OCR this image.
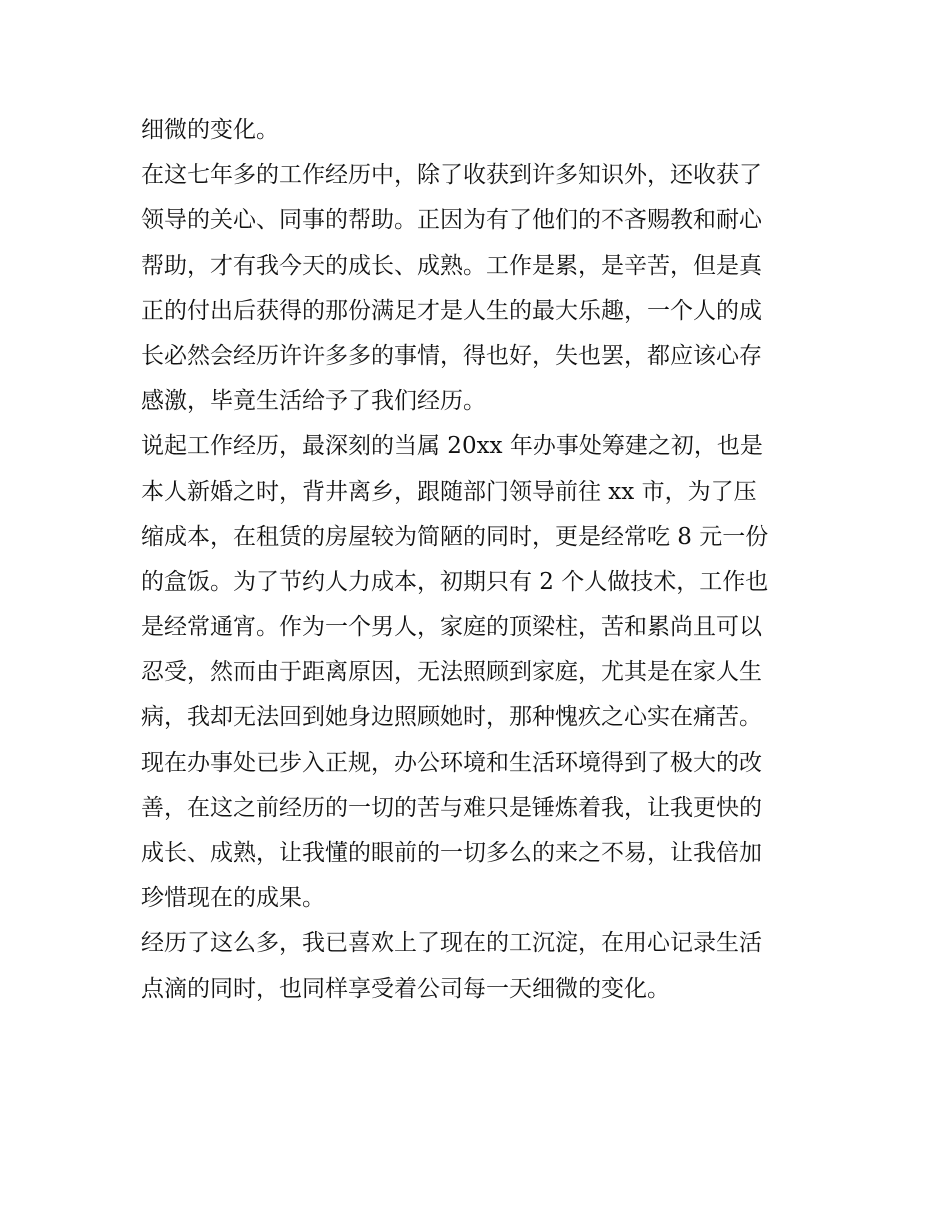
细微的变化。

在这七年多的工作经历中，除了收获到许多知识外，还收获了

领导的关心、同事的帮助。正因为有了他们的不吝赐教和耐心

帮助，才有我今天的成长、成熟。工作是累，是辛苦，但是真

正的付出后获得的那份满足才是人生的最大乐趣，一个人的成

长必然会经历许许多多的事情，得也好，失也罢，都应该心存

感激，毕竟生活给予了我们经历。

说起工作经历，最深刻的当属 20xx 年办事处筹建之初，也是

本人新婚之时，背井离乡，跟随部门领导前往 xx 市，为了压

缩成本，在租赁的房屋较为简陋的同时，更是经常吃 8 元一份

的盒饭。为了节约人力成本，初期只有 2 个人做技术，工作也

是经常通宵。作为一个男人，家庭的顶梁柱，苦和累尚且可以

忍受，然而由于距离原因，无法照顾到家庭，尤其是在家人生

病，我却无法回到她身边照顾她时，那种愧疚之心实在痛苦。

现在办事处已步入正规，办公环境和生活环境得到了极大的改

善，在这之前经历的一切的苦与难只是锤炼着我，让我更快的

成长、成熟，让我懂的眼前的一切多么的来之不易，让我倍加

珍惜现在的成果。

经历了这么多，我已喜欢上了现在的工沉淀，在用心记录生活

点滴的同时，也同样享受着公司每一天细微的变化。
